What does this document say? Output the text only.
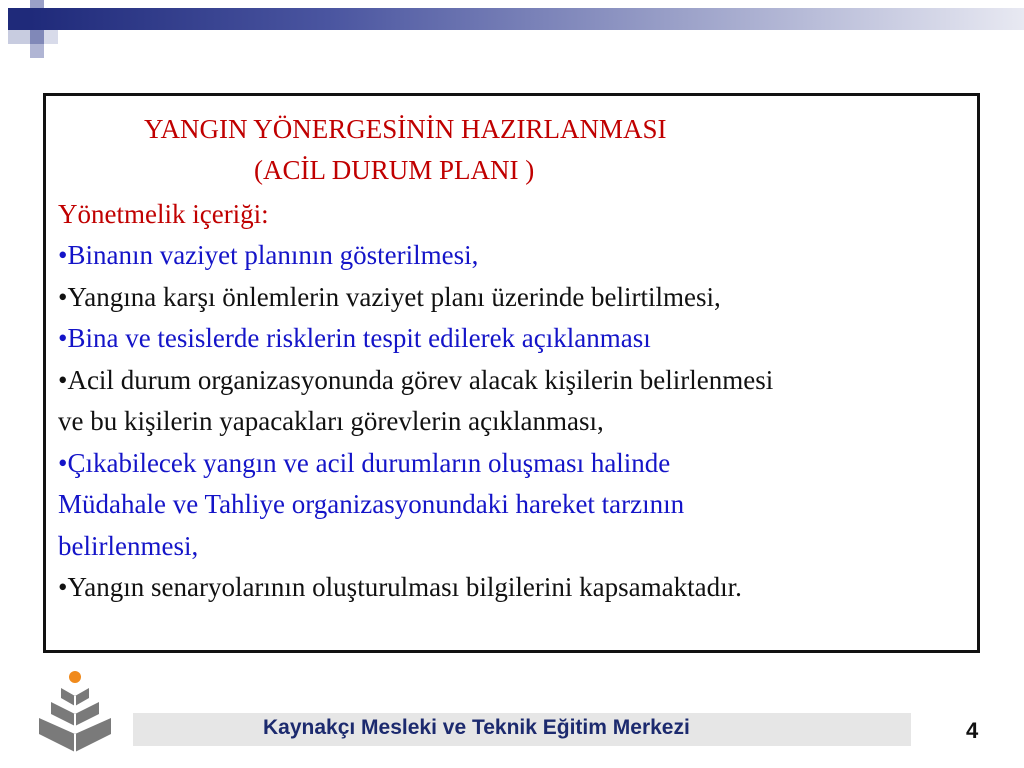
YANGIN YÖNERGESİNİN HAZIRLANMASI
(ACİL DURUM PLANI )
Yönetmelik içeriği:
•Binanın vaziyet planının gösterilmesi,
•Yangına karşı önlemlerin vaziyet planı üzerinde belirtilmesi,
•Bina ve tesislerde risklerin tespit edilerek açıklanması
•Acil durum organizasyonunda görev alacak kişilerin belirlenmesi
ve bu kişilerin yapacakları görevlerin açıklanması,
•Çıkabilecek yangın ve acil durumların oluşması halinde
Müdahale ve Tahliye organizasyonundaki hareket tarzının
belirlenmesi,
•Yangın senaryolarının oluşturulması bilgilerini kapsamaktadır.
Kaynakçı Mesleki ve Teknik Eğitim Merkezi	4
